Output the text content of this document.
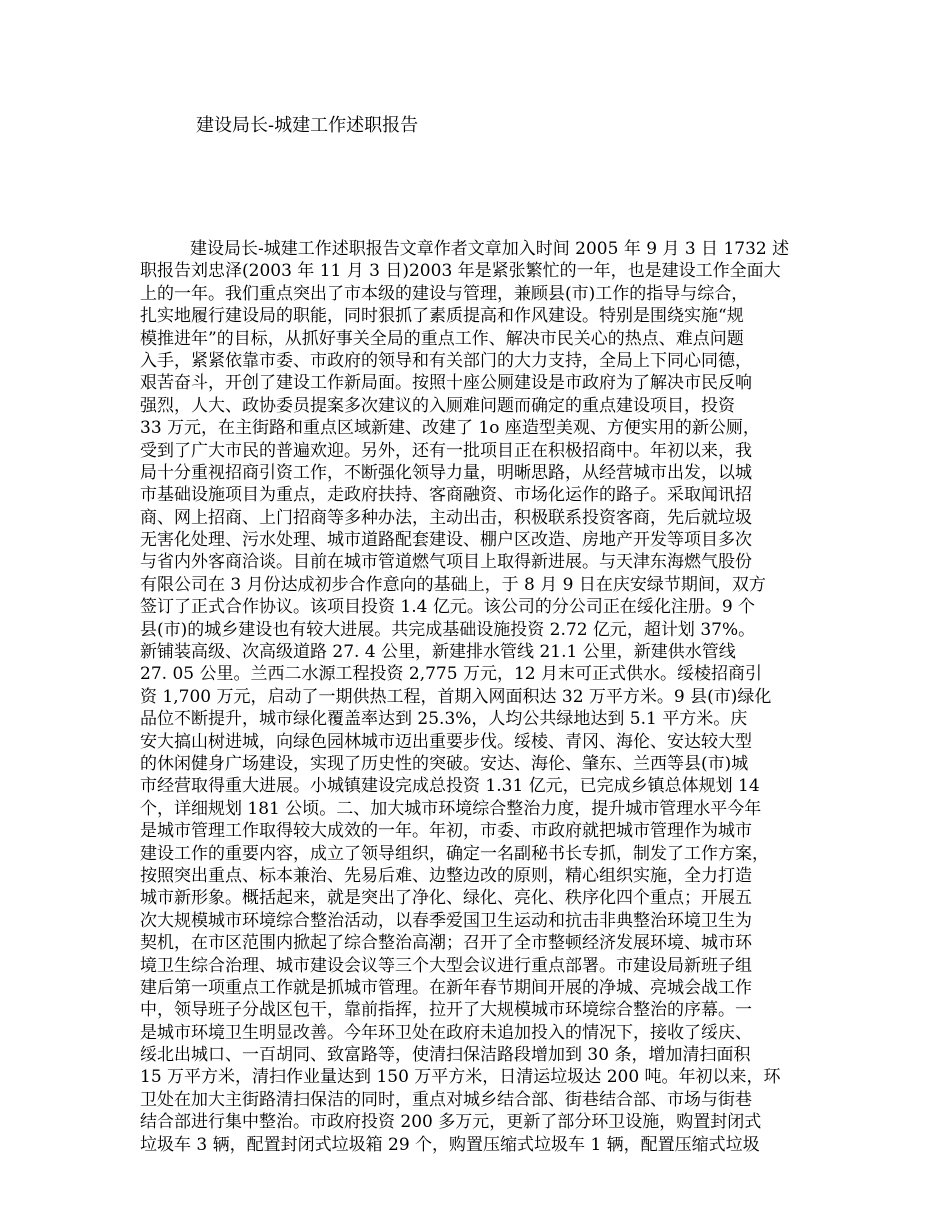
建设局长-城建工作述职报告
建设局长-城建工作述职报告文章作者文章加入时间 2005 年 9 月 3 日 1732 述
职报告刘忠泽(2003 年 11 月 3 日)2003 年是紧张繁忙的一年，也是建设工作全面大
上的一年。我们重点突出了市本级的建设与管理，兼顾县(市)工作的指导与综合，
扎实地履行建设局的职能，同时狠抓了素质提高和作风建设。特别是围绕实施“规
模推进年”的目标，从抓好事关全局的重点工作、解决市民关心的热点、难点问题
入手，紧紧依靠市委、市政府的领导和有关部门的大力支持，全局上下同心同德，
艰苦奋斗，开创了建设工作新局面。按照十座公厕建设是市政府为了解决市民反响
强烈，人大、政协委员提案多次建议的入厕难问题而确定的重点建设项目，投资
33 万元，在主街路和重点区域新建、改建了 1o 座造型美观、方便实用的新公厕，
受到了广大市民的普遍欢迎。另外，还有一批项目正在积极招商中。年初以来，我
局十分重视招商引资工作，不断强化领导力量，明晰思路，从经营城市出发，以城
市基础设施项目为重点，走政府扶持、客商融资、市场化运作的路子。采取闻讯招
商、网上招商、上门招商等多种办法，主动出击，积极联系投资客商，先后就垃圾
无害化处理、污水处理、城市道路配套建设、棚户区改造、房地产开发等项目多次
与省内外客商洽谈。目前在城市管道燃气项目上取得新进展。与天津东海燃气股份
有限公司在 3 月份达成初步合作意向的基础上，于 8 月 9 日在庆安绿节期间，双方
签订了正式合作协议。该项目投资 1.4 亿元。该公司的分公司正在绥化注册。9 个
县(市)的城乡建设也有较大进展。共完成基础设施投资 2.72 亿元，超计划 37%。
新铺装高级、次高级道路 27. 4 公里，新建排水管线 21.1 公里，新建供水管线
27. 05 公里。兰西二水源工程投资 2,775 万元，12 月末可正式供水。绥棱招商引
资 1,700 万元，启动了一期供热工程，首期入网面积达 32 万平方米。9 县(市)绿化
品位不断提升，城市绿化覆盖率达到 25.3%，人均公共绿地达到 5.1 平方米。庆
安大搞山树进城，向绿色园林城市迈出重要步伐。绥棱、青冈、海伦、安达较大型
的休闲健身广场建设，实现了历史性的突破。安达、海伦、肇东、兰西等县(市)城
市经营取得重大进展。小城镇建设完成总投资 1.31 亿元，已完成乡镇总体规划 14
个，详细规划 181 公顷。二、加大城市环境综合整治力度，提升城市管理水平今年
是城市管理工作取得较大成效的一年。年初，市委、市政府就把城市管理作为城市
建设工作的重要内容，成立了领导组织，确定一名副秘书长专抓，制发了工作方案，
按照突出重点、标本兼治、先易后难、边整边改的原则，精心组织实施，全力打造
城市新形象。概括起来，就是突出了净化、绿化、亮化、秩序化四个重点；开展五
次大规模城市环境综合整治活动，以春季爱国卫生运动和抗击非典整治环境卫生为
契机，在市区范围内掀起了综合整治高潮；召开了全市整顿经济发展环境、城市环
境卫生综合治理、城市建设会议等三个大型会议进行重点部署。市建设局新班子组
建后第一项重点工作就是抓城市管理。在新年春节期间开展的净城、亮城会战工作
中，领导班子分战区包干，靠前指挥，拉开了大规模城市环境综合整治的序幕。一
是城市环境卫生明显改善。今年环卫处在政府未追加投入的情况下，接收了绥庆、
绥北出城口、一百胡同、致富路等，使清扫保洁路段增加到 30 条，增加清扫面积
15 万平方米，清扫作业量达到 150 万平方米，日清运垃圾达 200 吨。年初以来，环
卫处在加大主街路清扫保洁的同时，重点对城乡结合部、街巷结合部、市场与街巷
结合部进行集中整治。市政府投资 200 多万元，更新了部分环卫设施，购置封闭式
垃圾车 3 辆，配置封闭式垃圾箱 29 个，购置压缩式垃圾车 1 辆，配置压缩式垃圾
